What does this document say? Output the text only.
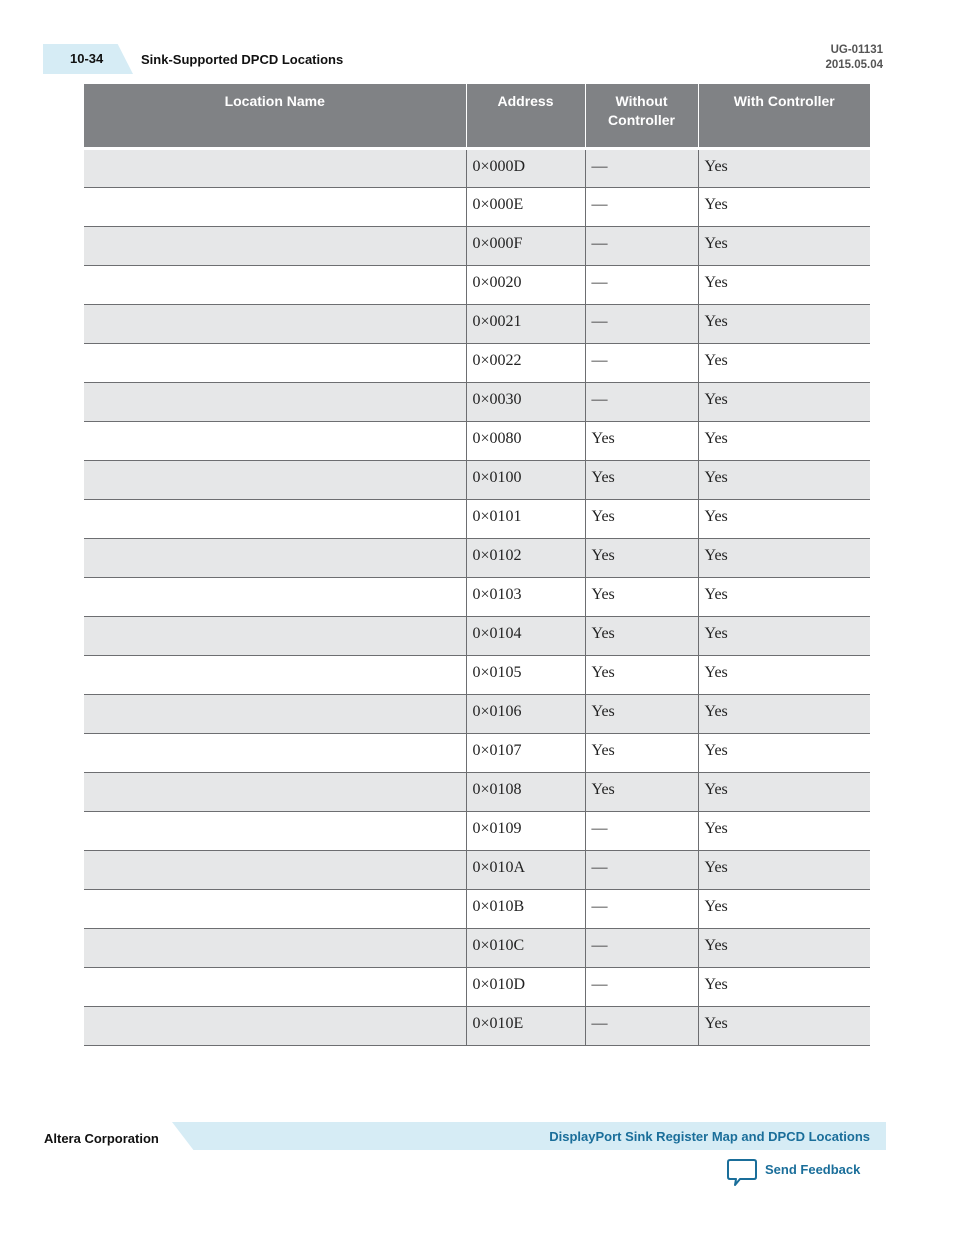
10-34	Sink-Supported DPCD Locations
UG-01131
2015.05.04
Location Name	Address	Without Controller	With Controller
	0×000D	—	Yes
	0×000E	—	Yes
	0×000F	—	Yes
	0×0020	—	Yes
	0×0021	—	Yes
	0×0022	—	Yes
	0×0030	—	Yes
	0×0080	Yes	Yes
	0×0100	Yes	Yes
	0×0101	Yes	Yes
	0×0102	Yes	Yes
	0×0103	Yes	Yes
	0×0104	Yes	Yes
	0×0105	Yes	Yes
	0×0106	Yes	Yes
	0×0107	Yes	Yes
	0×0108	Yes	Yes
	0×0109	—	Yes
	0×010A	—	Yes
	0×010B	—	Yes
	0×010C	—	Yes
	0×010D	—	Yes
	0×010E	—	Yes
Altera Corporation	DisplayPort Sink Register Map and DPCD Locations
Send Feedback
